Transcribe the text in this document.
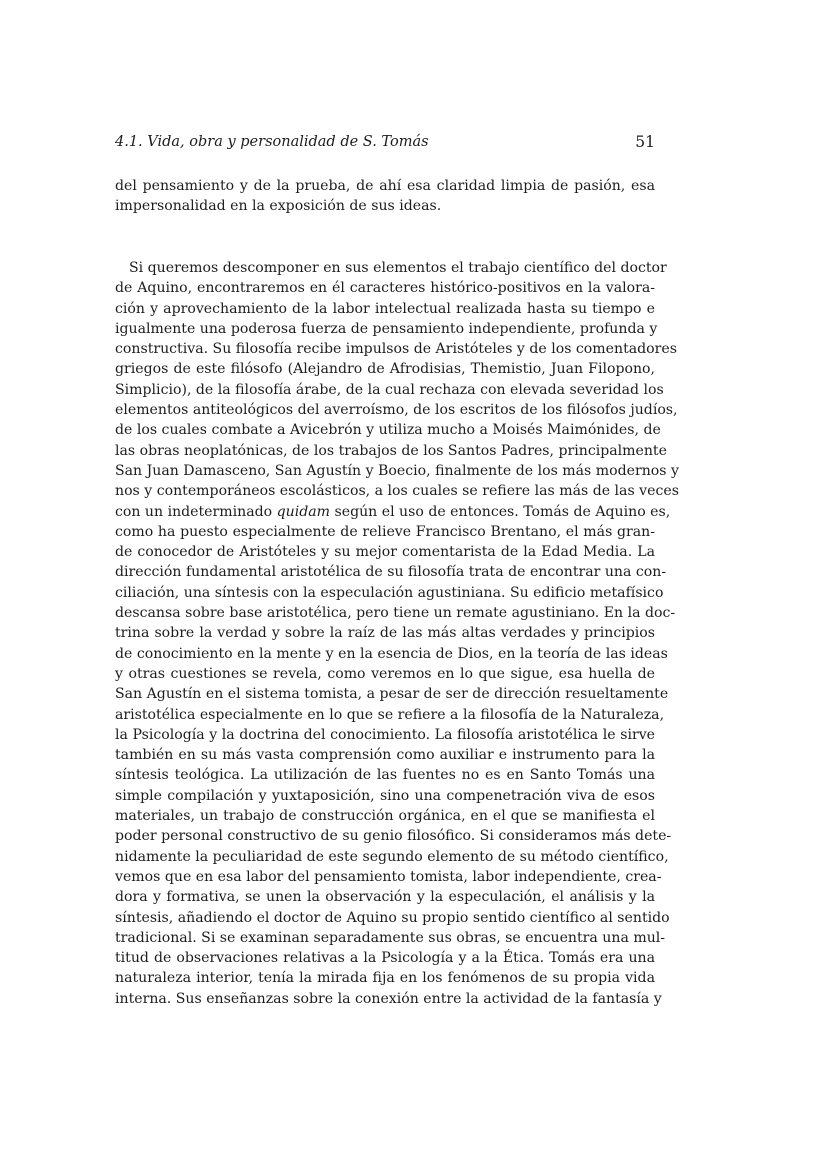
4.1. Vida, obra y personalidad de S. Tomás	51
del pensamiento y de la prueba, de ahí esa claridad limpia de pasión, esa
impersonalidad en la exposición de sus ideas.
Si queremos descomponer en sus elementos el trabajo científico del doctor
de Aquino, encontraremos en él caracteres histórico-positivos en la valora-
ción y aprovechamiento de la labor intelectual realizada hasta su tiempo e
igualmente una poderosa fuerza de pensamiento independiente, profunda y
constructiva. Su filosofía recibe impulsos de Aristóteles y de los comentadores
griegos de este filósofo (Alejandro de Afrodisias, Themistio, Juan Filopono,
Simplicio), de la filosofía árabe, de la cual rechaza con elevada severidad los
elementos antiteológicos del averroísmo, de los escritos de los filósofos judíos,
de los cuales combate a Avicebrón y utiliza mucho a Moisés Maimónides, de
las obras neoplatónicas, de los trabajos de los Santos Padres, principalmente
San Juan Damasceno, San Agustín y Boecio, finalmente de los más modernos y
nos y contemporáneos escolásticos, a los cuales se refiere las más de las veces
con un indeterminado quidam según el uso de entonces. Tomás de Aquino es,
como ha puesto especialmente de relieve Francisco Brentano, el más gran-
de conocedor de Aristóteles y su mejor comentarista de la Edad Media. La
dirección fundamental aristotélica de su filosofía trata de encontrar una con-
ciliación, una síntesis con la especulación agustiniana. Su edificio metafísico
descansa sobre base aristotélica, pero tiene un remate agustiniano. En la doc-
trina sobre la verdad y sobre la raíz de las más altas verdades y principios
de conocimiento en la mente y en la esencia de Dios, en la teoría de las ideas
y otras cuestiones se revela, como veremos en lo que sigue, esa huella de
San Agustín en el sistema tomista, a pesar de ser de dirección resueltamente
aristotélica especialmente en lo que se refiere a la filosofía de la Naturaleza,
la Psicología y la doctrina del conocimiento. La filosofía aristotélica le sirve
también en su más vasta comprensión como auxiliar e instrumento para la
síntesis teológica. La utilización de las fuentes no es en Santo Tomás una
simple compilación y yuxtaposición, sino una compenetración viva de esos
materiales, un trabajo de construcción orgánica, en el que se manifiesta el
poder personal constructivo de su genio filosófico. Si consideramos más dete-
nidamente la peculiaridad de este segundo elemento de su método científico,
vemos que en esa labor del pensamiento tomista, labor independiente, crea-
dora y formativa, se unen la observación y la especulación, el análisis y la
síntesis, añadiendo el doctor de Aquino su propio sentido científico al sentido
tradicional. Si se examinan separadamente sus obras, se encuentra una mul-
titud de observaciones relativas a la Psicología y a la Ética. Tomás era una
naturaleza interior, tenía la mirada fija en los fenómenos de su propia vida
interna. Sus enseñanzas sobre la conexión entre la actividad de la fantasía y
